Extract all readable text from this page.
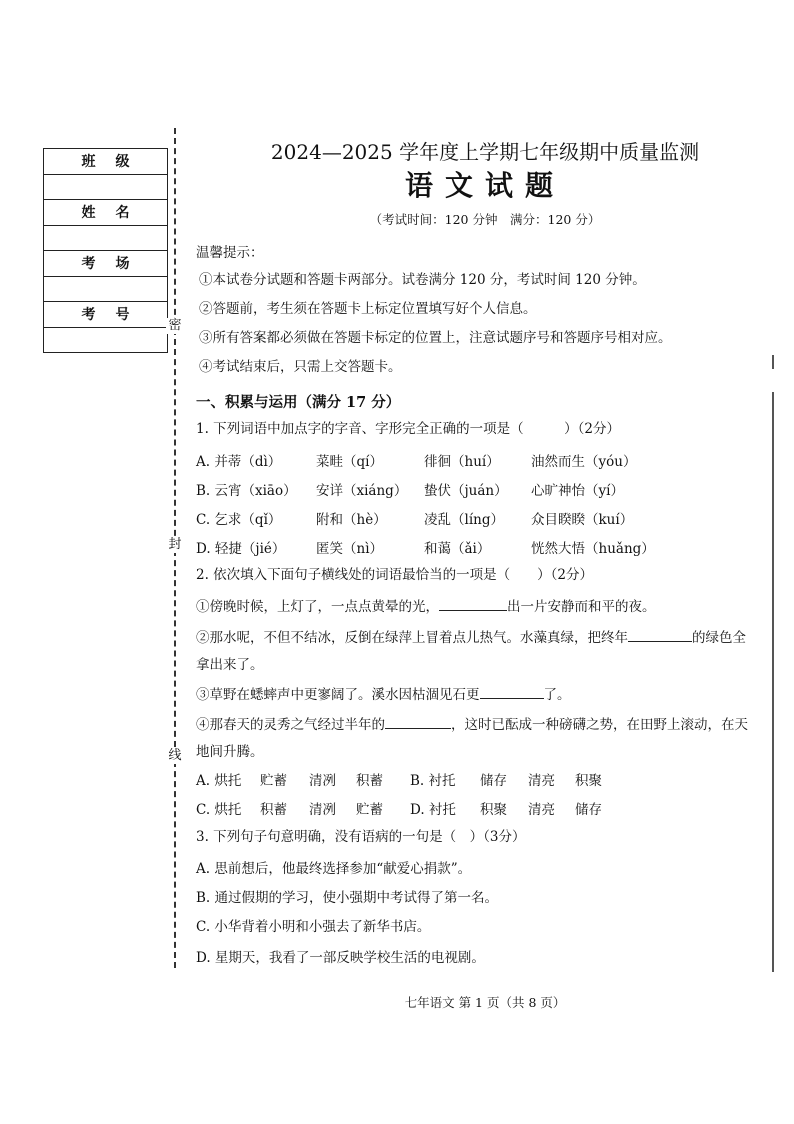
班级

姓名

考场

考号

密
封
线
2024—2025 学年度上学期七年级期中质量监测
语文试题
（考试时间：120 分钟　满分：120 分）
温馨提示：
①本试卷分试题和答题卡两部分。试卷满分 120 分，考试时间 120 分钟。
②答题前，考生须在答题卡上标定位置填写好个人信息。
③所有答案都必须做在答题卡标定的位置上，注意试题序号和答题序号相对应。
④考试结束后，只需上交答题卡。
一、积累与运用（满分 17 分）
1. 下列词语中加点字的字音、字形完全正确的一项是（　　　）（2分）
A. 并蒂（dì）	菜畦（qí）	徘徊（huí） 油然而生（yóu）
B. 云宵（xiāo） 安详（xiáng） 蛰伏（juán） 心旷神怡（yí）
C. 乞求（qǐ）	附和（hè）	凌乱（líng） 众目睽睽（kuí）
D. 轻捷（jié） 匿笑（nì）	和蔼（ǎi）	恍然大悟（huǎng）
2. 依次填入下面句子横线处的词语最恰当的一项是（　　）（2分）
①傍晚时候，上灯了，一点点黄晕的光，	出一片安静而和平的夜。
②那水呢，不但不结冰，反倒在绿萍上冒着点儿热气。水藻真绿，把终年	的绿色全
拿出来了。
③草野在蟋蟀声中更寥阔了。溪水因枯涸见石更	了。
④那春天的灵秀之气经过半年的	，这时已酝成一种磅礴之势，在田野上滚动，在天
地间升腾。
A. 烘托 贮蓄 清冽 积蓄 B. 衬托 储存 清亮 积聚
C. 烘托 积蓄 清冽 贮蓄 D. 衬托 积聚 清亮 储存
3. 下列句子句意明确，没有语病的一句是（　）（3分）
A. 思前想后，他最终选择参加“献爱心捐款”。
B. 通过假期的学习，使小强期中考试得了第一名。
C. 小华背着小明和小强去了新华书店。
D. 星期天，我看了一部反映学校生活的电视剧。
七年语文 第 1 页（共 8 页）
